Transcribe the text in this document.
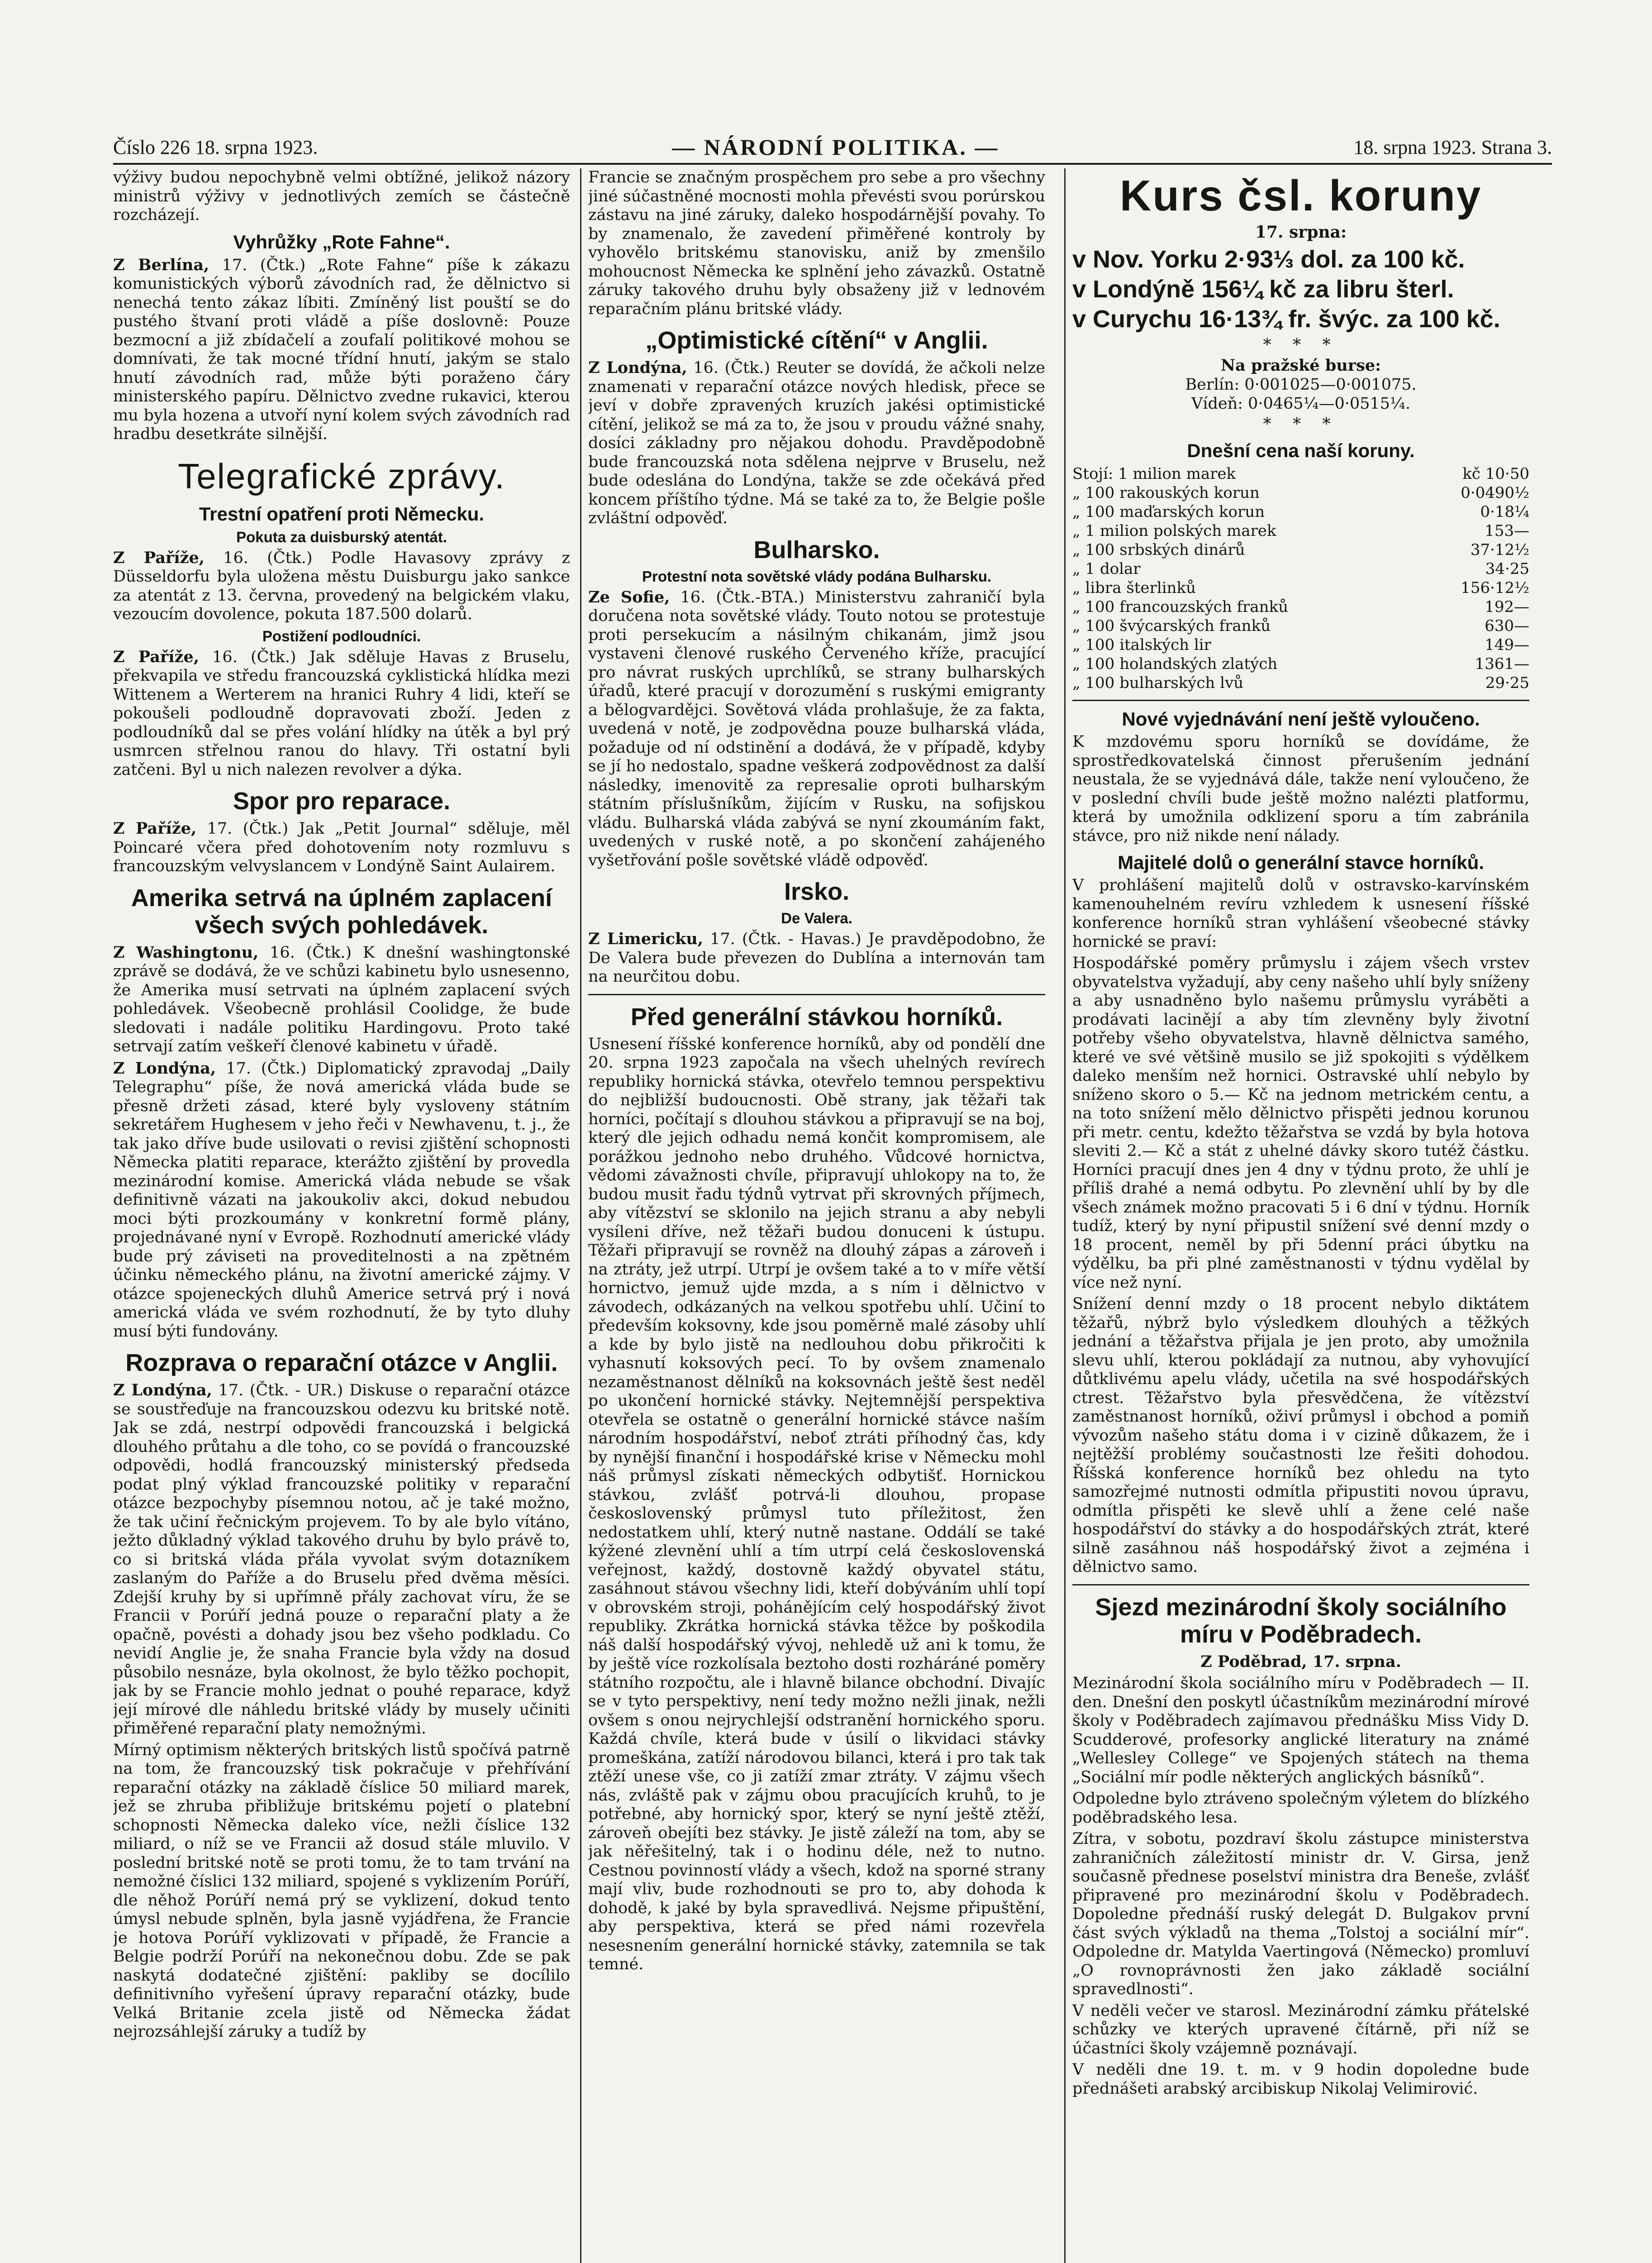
Číslo 226 18. srpna 1923.	— NÁRODNÍ POLITIKA. —	18. srpna 1923. Strana 3.

výživy budou nepochybně velmi obtížné, jelikož názory ministrů výživy v jednotlivých zemích se částečně rozcházejí.

Vyhrůžky „Rote Fahne“.

Z Berlína, 17. (Čtk.) „Rote Fahne“ píše k zákazu komunistických výborů závodních rad, že dělnictvo si nenechá tento zákaz líbiti. Zmíněný list pouští se do pustého štvaní proti vládě a píše doslovně: Pouze bezmocní a již zbídačelí a zoufalí politikové mohou se domnívati, že tak mocné třídní hnutí, jakým se stalo hnutí závodních rad, může býti poraženo čáry ministerského papíru. Dělnictvo zvedne rukavici, kterou mu byla hozena a utvoří nyní kolem svých závodních rad hradbu desetkráte silnější.

Telegrafické zprávy.
Trestní opatření proti Německu.
Pokuta za duisburský atentát.

Z Paříže, 16. (Čtk.) Podle Havasovy zprávy z Düsseldorfu byla uložena městu Duisburgu jako sankce za atentát z 13. června, provedený na belgickém vlaku, vezoucím dovolence, pokuta 187.500 dolarů.

Postižení podloudníci.

Z Paříže, 16. (Čtk.) Jak sděluje Havas z Bruselu, překvapila ve středu francouzská cyklistická hlídka mezi Wittenem a Werterem na hranici Ruhry 4 lidi, kteří se pokoušeli podloudně dopravovati zboží. Jeden z podloudníků dal se přes volání hlídky na útěk a byl prý usmrcen střelnou ranou do hlavy. Tři ostatní byli zatčeni. Byl u nich nalezen revolver a dýka.

Spor pro reparace.

Z Paříže, 17. (Čtk.) Jak „Petit Journal“ sděluje, měl Poincaré včera před dohotovením noty rozmluvu s francouzským velvyslancem v Londýně Saint Aulairem.

Amerika setrvá na úplném zaplacení všech svých pohledávek.

Z Washingtonu, 16. (Čtk.) K dnešní washingtonské zprávě se dodává, že ve schůzi kabinetu bylo usnesenno, že Amerika musí setrvati na úplném zaplacení svých pohledávek. Všeobecně prohlásil Coolidge, že bude sledovati i nadále politiku Hardingovu. Proto také setrvají zatím veškeří členové kabinetu v úřadě.

Z Londýna, 17. (Čtk.) Diplomatický zpravodaj „Daily Telegraphu“ píše, že nová americká vláda bude se přesně držeti zásad, které byly vysloveny státním sekretářem Hughesem v jeho řeči v Newhavenu, t. j., že tak jako dříve bude usilovati o revisi zjištění schopnosti Německa platiti reparace, kterážto zjištění by provedla mezinárodní komise. Americká vláda nebude se však definitivně vázati na jakoukoliv akci, dokud nebudou moci býti prozkoumány v konkretní formě plány, projednávané nyní v Evropě. Rozhodnutí americké vlády bude prý záviseti na proveditelnosti a na zpětném účinku německého plánu, na životní americké zájmy. V otázce spojeneckých dluhů Americe setrvá prý i nová americká vláda ve svém rozhodnutí, že by tyto dluhy musí býti fundovány.

Rozprava o reparační otázce v Anglii.

Z Londýna, 17. (Čtk. - UR.) Diskuse o reparační otázce se soustřeďuje na francouzskou odezvu ku britské notě. Jak se zdá, nestrpí odpovědi francouzská i belgická dlouhého průtahu a dle toho, co se povídá o francouzské odpovědi, hodlá francouzský ministerský předseda podat plný výklad francouzské politiky v reparační otázce bezpochyby písemnou notou, ač je také možno, že tak učiní řečnickým projevem. To by ale bylo vítáno, ježto důkladný výklad takového druhu by bylo právě to, co si britská vláda přála vyvolat svým dotazníkem zaslaným do Paříže a do Bruselu před dvěma měsíci. Zdejší kruhy by si upřímně přály zachovat víru, že se Francii v Porúří jedná pouze o reparační platy a že opačně, povésti a dohady jsou bez všeho podkladu. Co nevidí Anglie je, že snaha Francie byla vždy na dosud působilo nesnáze, byla okolnost, že bylo těžko pochopit, jak by se Francie mohlo jednat o pouhé reparace, když její mírové dle náhledu britské vlády by musely učiniti přiměřené reparační platy nemožnými.

Mírný optimism některých britských listů spočívá patrně na tom, že francouzský tisk pokračuje v přehřívání reparační otázky na základě číslice 50 miliard marek, jež se zhruba přibližuje britskému pojetí o platební schopnosti Německa daleko více, nežli číslice 132 miliard, o níž se ve Francii až dosud stále mluvilo. V poslední britské notě se proti tomu, že to tam trvání na nemožné číslici 132 miliard, spojené s vyklizením Porúří, dle něhož Porúří nemá prý se vyklizení, dokud tento úmysl nebude splněn, byla jasně vyjádřena, že Francie je hotova Porúří vyklizovati v případě, že Francie a Belgie podrží Porúří na nekonečnou dobu. Zde se pak naskytá dodatečné zjištění: pakliby se docílilo definitivního vyřešení úpravy reparační otázky, bude Velká Britanie zcela jistě od Německa žádat nejrozsáhlejší záruky a tudíž by

Francie se značným prospěchem pro sebe a pro všechny jiné súčastněné mocnosti mohla převésti svou porúrskou zástavu na jiné záruky, daleko hospodárnější povahy. To by znamenalo, že zavedení přiměřené kontroly by vyhovělo britskému stanovisku, aniž by zmenšilo mohoucnost Německa ke splnění jeho závazků. Ostatně záruky takového druhu byly obsaženy již v lednovém reparačním plánu britské vlády.

„Optimistické cítění“ v Anglii.

Z Londýna, 16. (Čtk.) Reuter se dovídá, že ačkoli nelze znamenati v reparační otázce nových hledisk, přece se jeví v dobře zpravených kruzích jakési optimistické cítění, jelikož se má za to, že jsou v proudu vážné snahy, dosíci základny pro nějakou dohodu. Pravděpodobně bude francouzská nota sdělena nejprve v Bruselu, než bude odeslána do Londýna, takže se zde očekává před koncem příštího týdne. Má se také za to, že Belgie pošle zvláštní odpověď.

Bulharsko.
Protestní nota sovětské vlády podána Bulharsku.

Ze Sofie, 16. (Čtk.-BTA.) Ministerstvu zahraničí byla doručena nota sovětské vlády. Touto notou se protestuje proti persekucím a násilným chikanám, jimž jsou vystaveni členové ruského Červeného kříže, pracující pro návrat ruských uprchlíků, se strany bulharských úřadů, které pracují v dorozumění s ruskými emigranty a bělogvardějci. Sovětová vláda prohlašuje, že za fakta, uvedená v notě, je zodpovědna pouze bulharská vláda, požaduje od ní odstinění a dodává, že v případě, kdyby se jí ho nedostalo, spadne veškerá zodpovědnost za další následky, imenovitě za represalie oproti bulharským státním příslušníkům, žijícím v Rusku, na sofijskou vládu. Bulharská vláda zabývá se nyní zkoumáním fakt, uvedených v ruské notě, a po skončení zahájeného vyšetřování pošle sovětské vládě odpověď.

Irsko.
De Valera.

Z Limericku, 17. (Čtk. - Havas.) Je pravděpodobno, že De Valera bude převezen do Dublína a internován tam na neurčitou dobu.

Před generální stávkou horníků.

Usnesení říšské konference horníků, aby od pondělí dne 20. srpna 1923 započala na všech uhelných revírech republiky hornická stávka, otevřelo temnou perspektivu do nejbližší budoucnosti. Obě strany, jak těžaři tak horníci, počítají s dlouhou stávkou a připravují se na boj, který dle jejich odhadu nemá končit kompromisem, ale porážkou jednoho nebo druhého. Vůdcové hornictva, vědomi závažnosti chvíle, připravují uhlokopy na to, že budou musit řadu týdnů vytrvat při skrovných příjmech, aby vítězství se sklonilo na jejich stranu a aby nebyli vysíleni dříve, než těžaři budou donuceni k ústupu. Těžaři připravují se rovněž na dlouhý zápas a zároveň i na ztráty, jež utrpí. Utrpí je ovšem také a to v míře větší hornictvo, jemuž ujde mzda, a s ním i dělnictvo v závodech, odkázaných na velkou spotřebu uhlí. Učiní to především koksovny, kde jsou poměrně malé zásoby uhlí a kde by bylo jistě na nedlouhou dobu přikročiti k vyhasnutí koksových pecí. To by ovšem znamenalo nezaměstnanost dělníků na koksovnách ještě šest neděl po ukončení hornické stávky. Nejtemnější perspektiva otevřela se ostatně o generální hornické stávce naším národním hospodářství, neboť ztráti příhodný čas, kdy by nynější finanční i hospodářské krise v Německu mohl náš průmysl získati německých odbytišť. Hornickou stávkou, zvlášť potrvá-li dlouhou, propase československý průmysl tuto příležitost, žen nedostatkem uhlí, který nutně nastane. Oddálí se také kýžené zlevnění uhlí a tím utrpí celá československá veřejnost, každý, dostovně každý obyvatel státu, zasáhnout stávou všechny lidi, kteří dobýváním uhlí topí v obrovském stroji, pohánějícím celý hospodářský život republiky. Zkrátka hornická stávka těžce by poškodila náš další hospodářský vývoj, nehledě už ani k tomu, že by ještě více rozkolísala beztoho dosti rozháráné poměry státního rozpočtu, ale i hlavně bilance obchodní. Divajíc se v tyto perspektivy, není tedy možno nežli jinak, nežli ovšem s onou nejrychlejší odstranění hornického sporu. Každá chvíle, která bude v úsilí o likvidaci stávky promeškána, zatíží národovou bilanci, která i pro tak tak ztěží unese vše, co ji zatíží zmar ztráty. V zájmu všech nás, zvláště pak v zájmu obou pracujících kruhů, to je potřebné, aby hornický spor, který se nyní ještě ztěží, zároveň obejíti bez stávky. Je jistě záleží na tom, aby se jak něřešitelný, tak i o hodinu déle, než to nutno. Cestnou povinností vlády a všech, kdož na sporné strany mají vliv, bude rozhodnouti se pro to, aby dohoda k dohodě, k jaké by byla spravedlivá. Nejsme připuštění, aby perspektiva, která se před námi rozevřela nesesnením generální hornické stávky, zatemnila se tak temné.

Kurs čsl. koruny
17. srpna:
v Nov. Yorku 2·93⅓ dol. za 100 kč.
v Londýně 156¼ kč za libru šterl.
v Curychu 16·13¾ fr. švýc. za 100 kč.
* * *
Na pražské burse:
Berlín: 0·001025—0·001075.
Vídeň: 0·0465¼—0·0515¼.
* * *
Dnešní cena naší koruny.
Stojí: 1 milion marek	kč 10·50
„ 100 rakouských korun	0·0490½
„ 100 maďarských korun	0·18¼
„ 1 milion polských marek	153—
„ 100 srbských dinárů	37·12½
„ 1 dolar	34·25
„ libra šterlinků	156·12½
„ 100 francouzských franků	192—
„ 100 švýcarských franků	630—
„ 100 italských lir	149—
„ 100 holandských zlatých	1361—
„ 100 bulharských lvů	29·25
Nové vyjednávání není ještě vyloučeno.

K mzdovému sporu horníků se dovídáme, že sprostředkovatelská činnost přerušením jednání neustala, že se vyjednává dále, takže není vyloučeno, že v poslední chvíli bude ještě možno nalézti platformu, která by umožnila odklizení sporu a tím zabránila stávce, pro niž nikde není nálady.

Majitelé dolů o generální stavce horníků.

V prohlášení majitelů dolů v ostravsko-karvínském kamenouhelném revíru vzhledem k usnesení říšské konference horníků stran vyhlášení všeobecné stávky hornické se praví:

Hospodářské poměry průmyslu i zájem všech vrstev obyvatelstva vyžadují, aby ceny našeho uhlí byly sníženy a aby usnadněno bylo našemu průmyslu vyráběti a prodávati lacinějí a aby tím zlevněny byly životní potřeby všeho obyvatelstva, hlavně dělnictva samého, které ve své většině musilo se již spokojiti s výdělkem daleko menším než hornici. Ostravské uhlí nebylo by sníženo skoro o 5.— Kč na jednom metrickém centu, a na toto snížení mělo dělnictvo přispěti jednou korunou při metr. centu, kdežto těžařstva se vzdá by byla hotova sleviti 2.— Kč a stát z uhelné dávky skoro tutéž částku. Horníci pracují dnes jen 4 dny v týdnu proto, že uhlí je příliš drahé a nemá odbytu. Po zlevnění uhlí by by dle všech známek možno pracovati 5 i 6 dní v týdnu. Horník tudíž, který by nyní připustil snížení své denní mzdy o 18 procent, neměl by při 5denní práci úbytku na výdělku, ba při plné zaměstnanosti v týdnu vydělal by více než nyní.

Snížení denní mzdy o 18 procent nebylo diktátem těžařů, nýbrž bylo výsledkem dlouhých a těžkých jednání a těžařstva přijala je jen proto, aby umožnila slevu uhlí, kterou pokládají za nutnou, aby vyhovující důtklivému apelu vlády, učetila na své hospodářských ctrest. Těžařstvo byla přesvědčena, že vítězství zaměstnanost horníků, oživí průmysl i obchod a pomiň vývozům našeho státu doma i v cizině důkazem, že i nejtěžší problémy součastnosti lze řešiti dohodou. Říšská konference horníků bez ohledu na tyto samozřejmé nutnosti odmítla připustiti novou úpravu, odmítla přispěti ke slevě uhlí a žene celé naše hospodářství do stávky a do hospodářských ztrát, které silně zasáhnou náš hospodářský život a zejména i dělnictvo samo.

Sjezd mezinárodní školy sociálního míru v Poděbradech.

Z Poděbrad, 17. srpna.

Mezinárodní škola sociálního míru v Poděbradech — II. den. Dnešní den poskytl účastníkům mezinárodní mírové školy v Poděbradech zajímavou přednášku Miss Vidy D. Scudderové, profesorky anglické literatury na známé „Wellesley College“ ve Spojených státech na thema „Sociální mír podle některých anglických básníků“.

Odpoledne bylo ztráveno společným výletem do blízkého poděbradského lesa.

Zítra, v sobotu, pozdraví školu zástupce ministerstva zahraničních záležitostí ministr dr. V. Girsa, jenž současně přednese poselství ministra dra Beneše, zvlášť připravené pro mezinárodní školu v Poděbradech. Dopoledne přednáší ruský delegát D. Bulgakov první část svých výkladů na thema „Tolstoj a sociální mír“. Odpoledne dr. Matylda Vaertingová (Německo) promluví „O rovnoprávnosti žen jako základě sociální spravedlnosti“.

V neděli večer ve starosl. Mezinárodní zámku přátelské schůzky ve kterých upravené čítárně, při níž se účastníci školy vzájemně poznávají.

V neděli dne 19. t. m. v 9 hodin dopoledne bude přednášeti arabský arcibiskup Nikolaj Velimirović.
